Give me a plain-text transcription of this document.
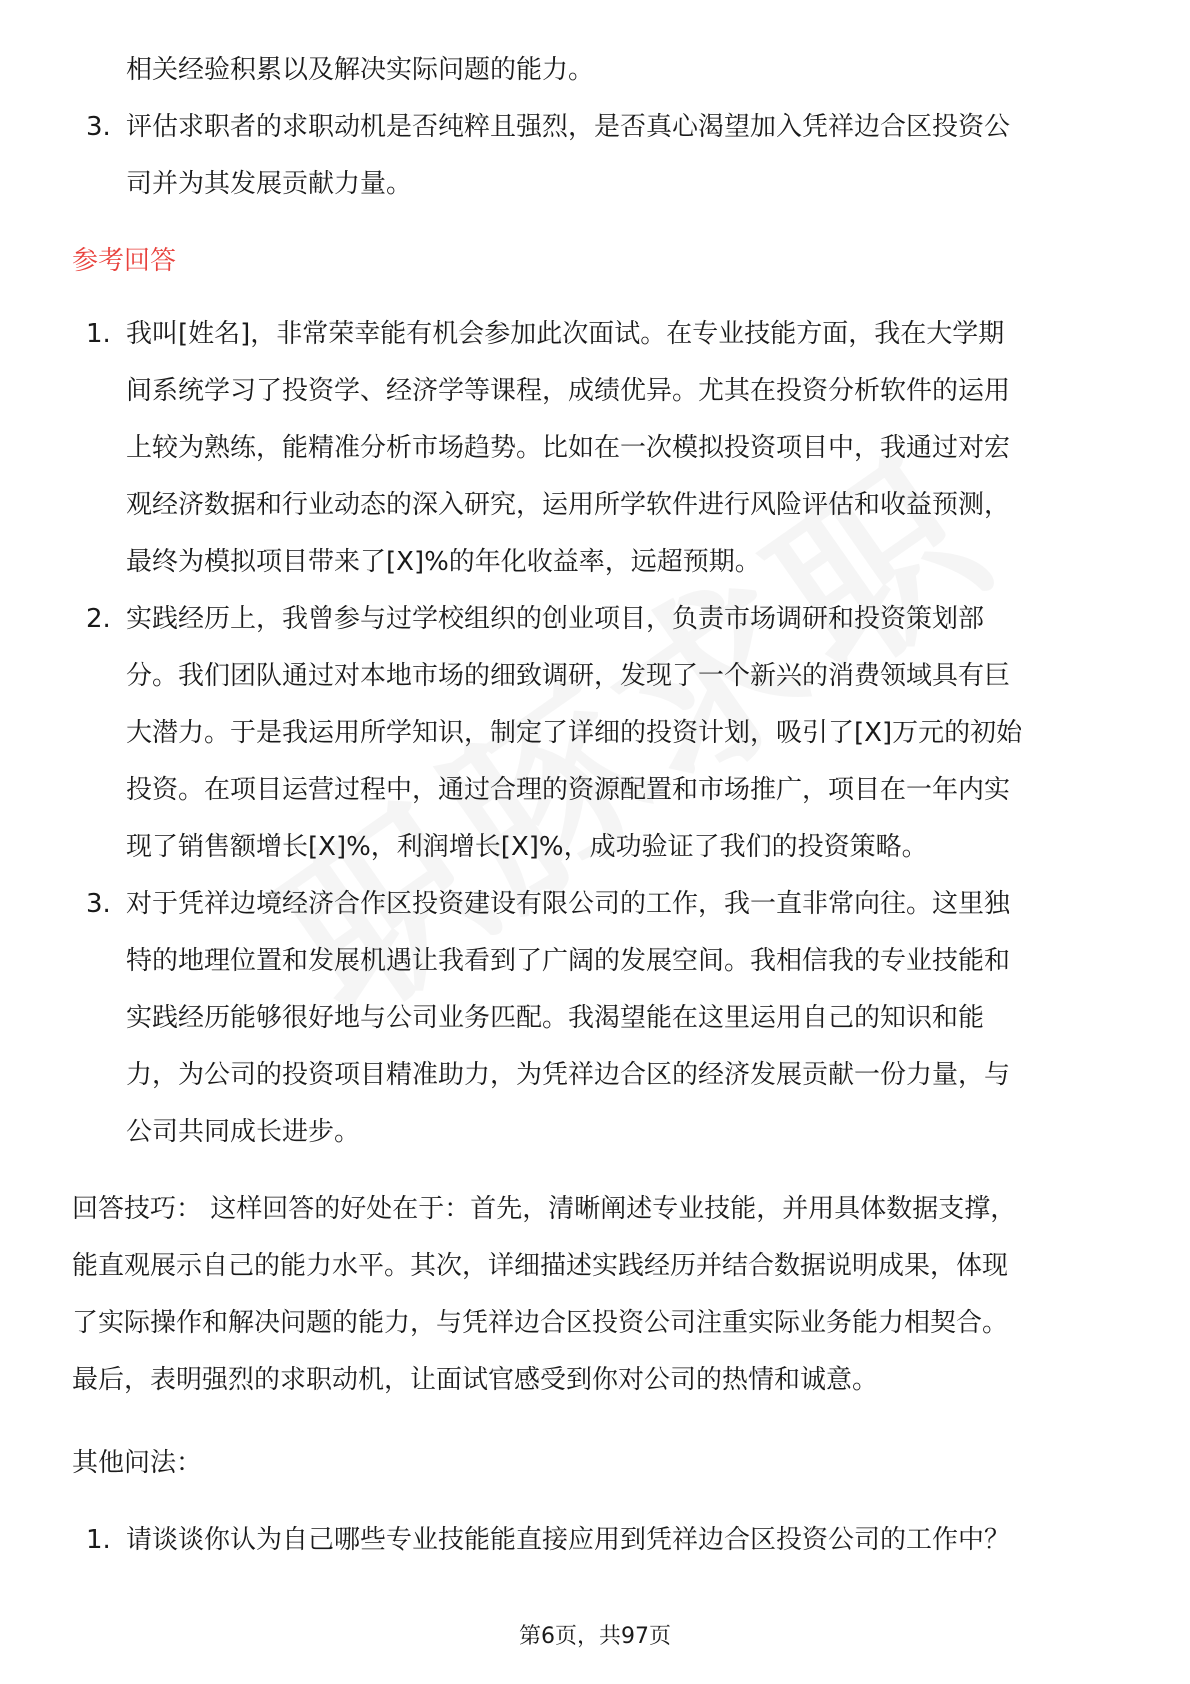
相关经验积累以及解决实际问题的能力。
3. 评估求职者的求职动机是否纯粹且强烈，是否真心渴望加入凭祥边合区投资公
司并为其发展贡献力量。
参考回答
1. 我叫[姓名]，非常荣幸能有机会参加此次面试。在专业技能方面，我在大学期
间系统学习了投资学、经济学等课程，成绩优异。尤其在投资分析软件的运用
上较为熟练，能精准分析市场趋势。比如在一次模拟投资项目中，我通过对宏
观经济数据和行业动态的深入研究，运用所学软件进行风险评估和收益预测，
最终为模拟项目带来了[X]%的年化收益率，远超预期。
2. 实践经历上，我曾参与过学校组织的创业项目，负责市场调研和投资策划部
分。我们团队通过对本地市场的细致调研，发现了一个新兴的消费领域具有巨
大潜力。于是我运用所学知识，制定了详细的投资计划，吸引了[X]万元的初始
投资。在项目运营过程中，通过合理的资源配置和市场推广，项目在一年内实
现了销售额增长[X]%，利润增长[X]%，成功验证了我们的投资策略。
3. 对于凭祥边境经济合作区投资建设有限公司的工作，我一直非常向往。这里独
特的地理位置和发展机遇让我看到了广阔的发展空间。我相信我的专业技能和
实践经历能够很好地与公司业务匹配。我渴望能在这里运用自己的知识和能
力，为公司的投资项目精准助力，为凭祥边合区的经济发展贡献一份力量，与
公司共同成长进步。
回答技巧： 这样回答的好处在于：首先，清晰阐述专业技能，并用具体数据支撑，
能直观展示自己的能力水平。其次，详细描述实践经历并结合数据说明成果，体现
了实际操作和解决问题的能力，与凭祥边合区投资公司注重实际业务能力相契合。
最后，表明强烈的求职动机，让面试官感受到你对公司的热情和诚意。
其他问法：
1. 请谈谈你认为自己哪些专业技能能直接应用到凭祥边合区投资公司的工作中？
第6页，共97页
